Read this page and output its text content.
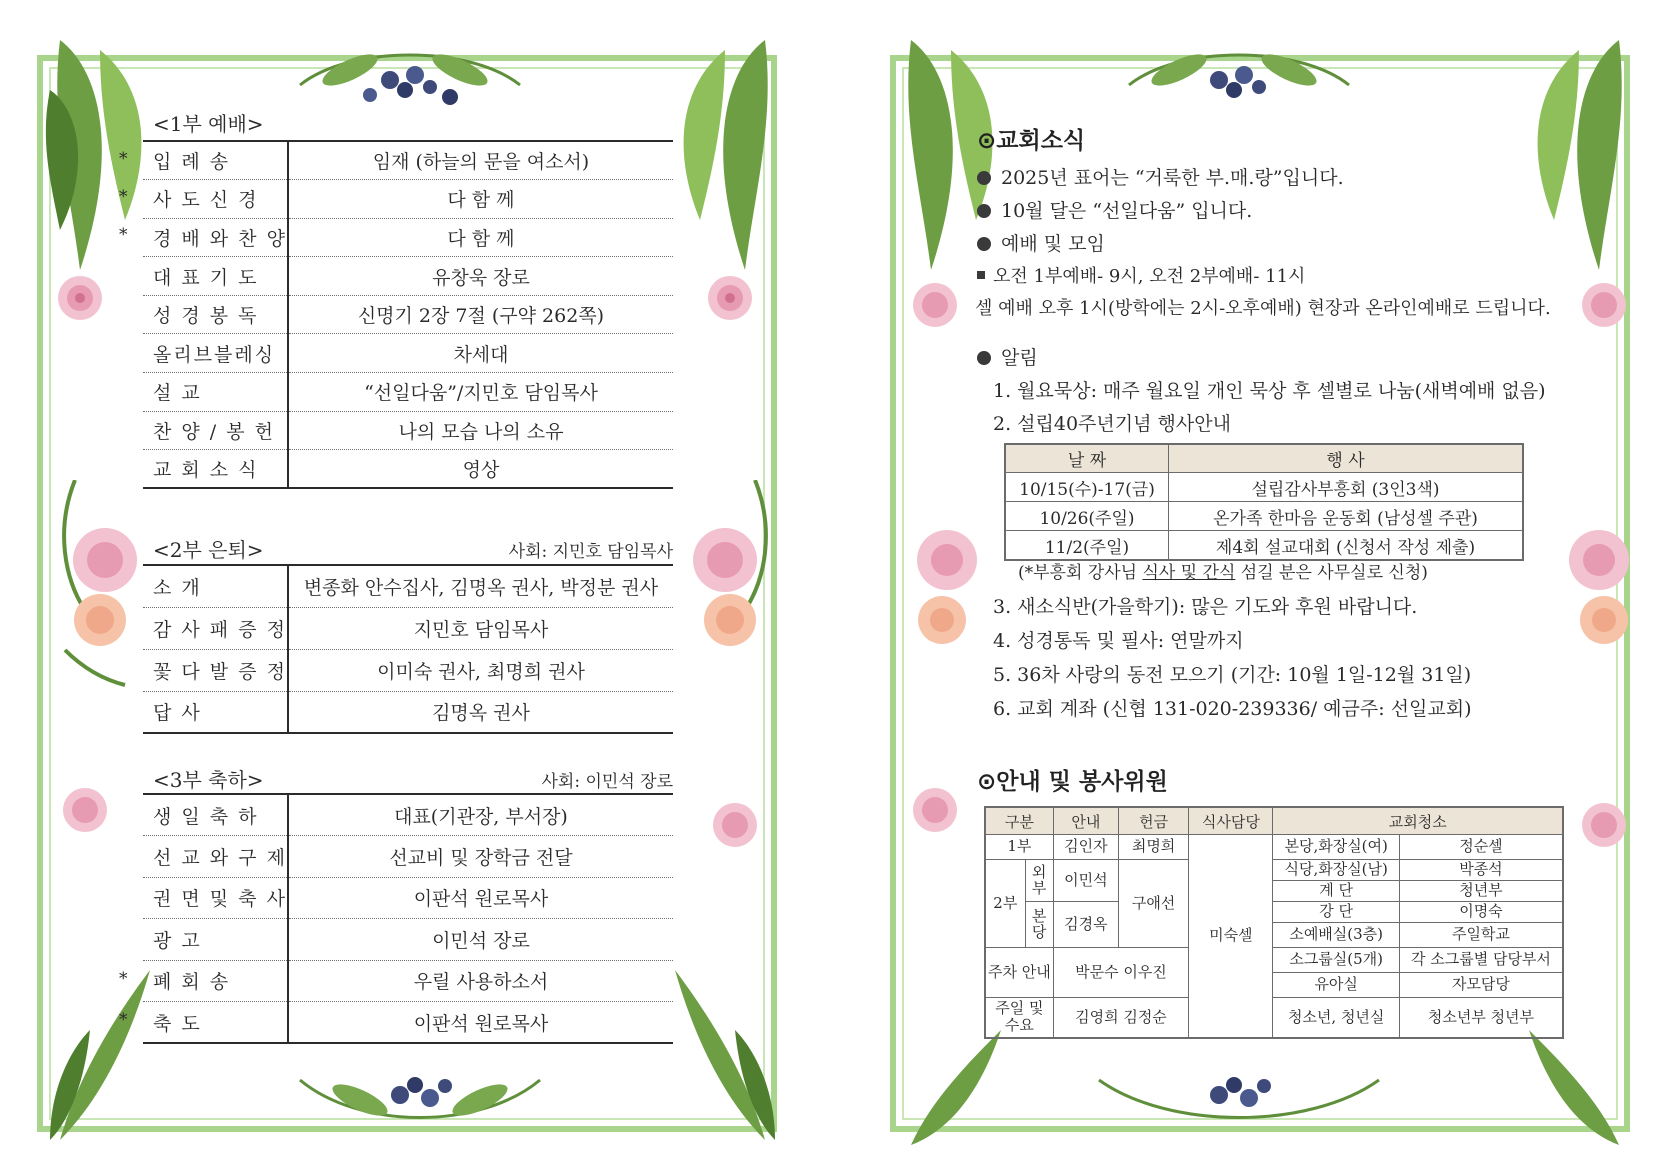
<1부 예배>
* 입 례 송	임재 (하늘의 문을 여소서)

* 사 도 신 경	다 함 께

* 경 배 와 찬 양	다 함 께
대 표 기 도	유창욱 장로
성 경 봉 독	신명기 2장 7절 (구약 262쪽)
올리브블레싱	차세대
설 교	“선일다움”/지민호 담임목사
찬 양 / 봉 헌	나의 모습 나의 소유
교 회 소 식	영상
<2부 은퇴>	사회: 지민호 담임목사
소 개	변종화 안수집사, 김명옥 권사, 박정분 권사
감 사 패 증 정	지민호 담임목사
꽃 다 발 증 정	이미숙 권사, 최명희 권사
답 사	김명옥 권사
<3부 축하>	사회: 이민석 장로
생 일 축 하	대표(기관장, 부서장)
선 교 와 구 제	선교비 및 장학금 전달
권 면 및 축 사	이판석 원로목사
광 고	이민석 장로

* 폐 회 송	우릴 사용하소서

* 축 도	이판석 원로목사
⊙교회소식
2025년 표어는 “거룩한 부.매.랑”입니다.
10월 달은 “선일다움” 입니다.
예배 및 모임
오전 1부예배- 9시, 오전 2부예배- 11시
셀 예배 오후 1시(방학에는 2시-오후예배) 현장과 온라인예배로 드립니다.
알림
1. 월요묵상: 매주 월요일 개인 묵상 후 셀별로 나눔(새벽예배 없음)
2. 설립40주년기념 행사안내
날 짜	행 사
10/15(수)-17(금)	설립감사부흥회 (3인3색)
10/26(주일)	온가족 한마음 운동회 (남성셀 주관)
11/2(주일)	제4회 설교대회 (신청서 작성 제출)
(*부흥회 강사님 식사 및 간식 섬길 분은 사무실로 신청)
3. 새소식반(가을학기): 많은 기도와 후원 바랍니다.
4. 성경통독 및 필사: 연말까지
5. 36차 사랑의 동전 모으기 (기간: 10월 1일-12월 31일)
6. 교회 계좌 (신협 131-020-239336/ 예금주: 선일교회)
⊙안내 및 봉사위원
구분		안내	헌금	식사담당	교회청소	
1부		김인자	최명희	미숙셀	본당,화장실(여)	정순셀
2부	외부	이민석	구애선		식당,화장실(남)	박종석
					계 단	청년부
	본당	김경옥			강 단	이명숙
					소예배실(3층)	주일학교
주차 안내		박문수 이우진			소그룹실(5개)	각 소그룹별 담당부서
					유아실	자모담당
주일 및 수요		김영희 김정순			청소년, 청년실	청소년부 청년부
